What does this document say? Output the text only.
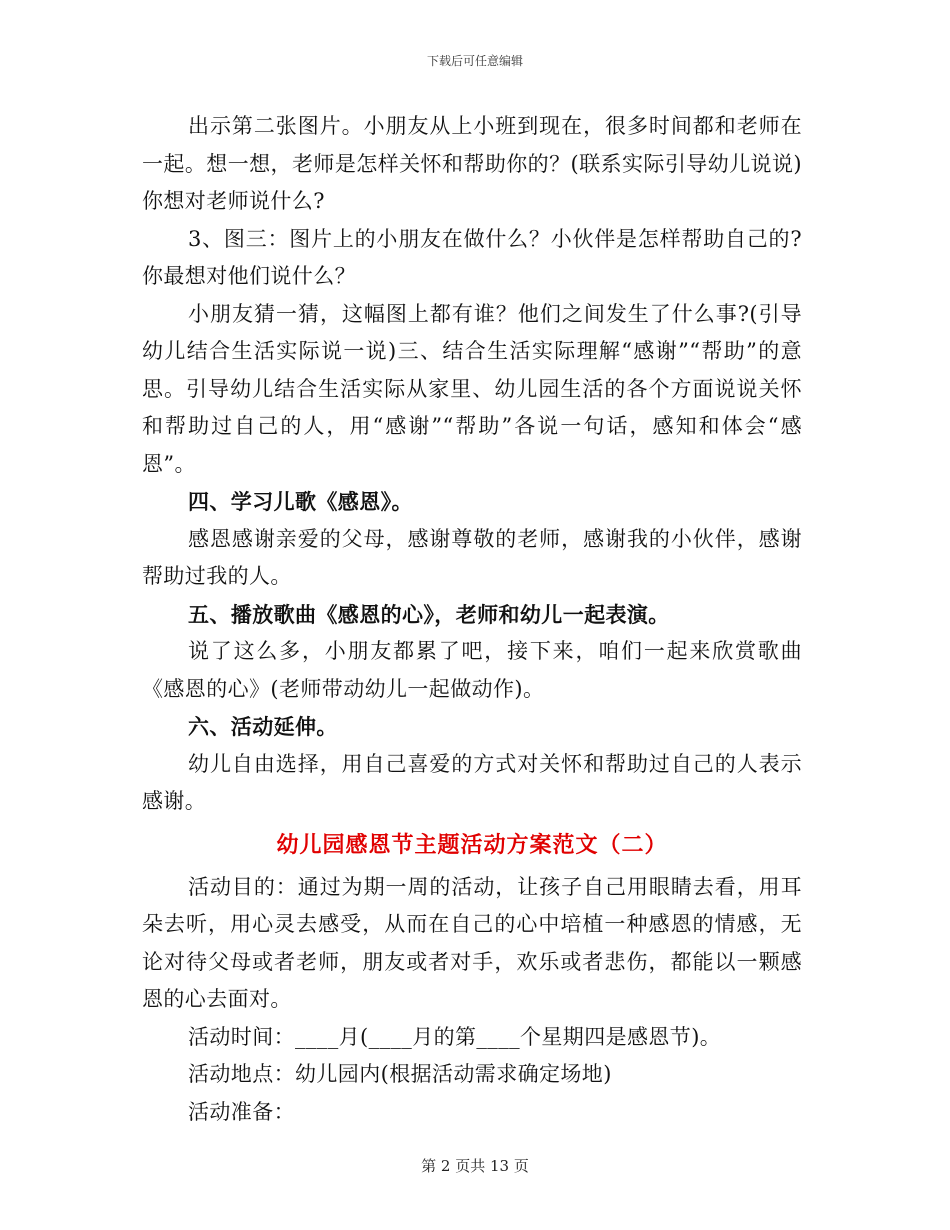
下载后可任意编辑

出示第二张图片。小朋友从上小班到现在，很多时间都和老师在一起。想一想，老师是怎样关怀和帮助你的？(联系实际引导幼儿说说)你想对老师说什么?

3、图三：图片上的小朋友在做什么？小伙伴是怎样帮助自己的?你最想对他们说什么？

小朋友猜一猜，这幅图上都有谁？他们之间发生了什么事?(引导幼儿结合生活实际说一说)三、结合生活实际理解“感谢”“帮助”的意思。引导幼儿结合生活实际从家里、幼儿园生活的各个方面说说关怀和帮助过自己的人，用“感谢”“帮助”各说一句话，感知和体会“感恩”。

四、学习儿歌《感恩》。

感恩感谢亲爱的父母，感谢尊敬的老师，感谢我的小伙伴，感谢帮助过我的人。

五、播放歌曲《感恩的心》，老师和幼儿一起表演。

说了这么多，小朋友都累了吧，接下来，咱们一起来欣赏歌曲《感恩的心》(老师带动幼儿一起做动作)。

六、活动延伸。

幼儿自由选择，用自己喜爱的方式对关怀和帮助过自己的人表示感谢。

幼儿园感恩节主题活动方案范文（二）

活动目的：通过为期一周的活动，让孩子自己用眼睛去看，用耳朵去听，用心灵去感受，从而在自己的心中培植一种感恩的情感，无论对待父母或者老师，朋友或者对手，欢乐或者悲伤，都能以一颗感恩的心去面对。

活动时间：____月(____月的第____个星期四是感恩节)。

活动地点：幼儿园内(根据活动需求确定场地)

活动准备：

第 2 页共 13 页
